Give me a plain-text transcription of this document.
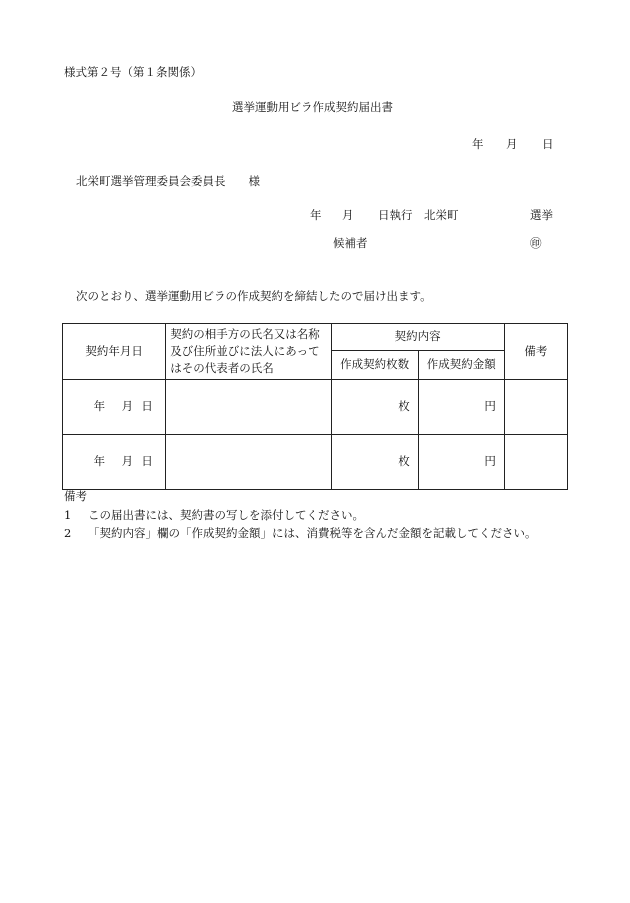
様式第２号（第１条関係）
選挙運動用ビラ作成契約届出書
年 月 日
北栄町選挙管理委員会委員長　　様
年 月 日執行 北栄町	選挙
候補者	㊞
次のとおり、選挙運動用ビラの作成契約を締結したので届け出ます。
契約年月日	契約の相手方の氏名又は名称及び住所並びに法人にあってはその代表者の氏名	契約内容		備考
		作成契約枚数	作成契約金額	
年 月 日		枚	円	
年 月 日		枚	円	
備考
1 この届出書には、契約書の写しを添付してください。
2 「契約内容」欄の「作成契約金額」には、消費税等を含んだ金額を記載してください。
